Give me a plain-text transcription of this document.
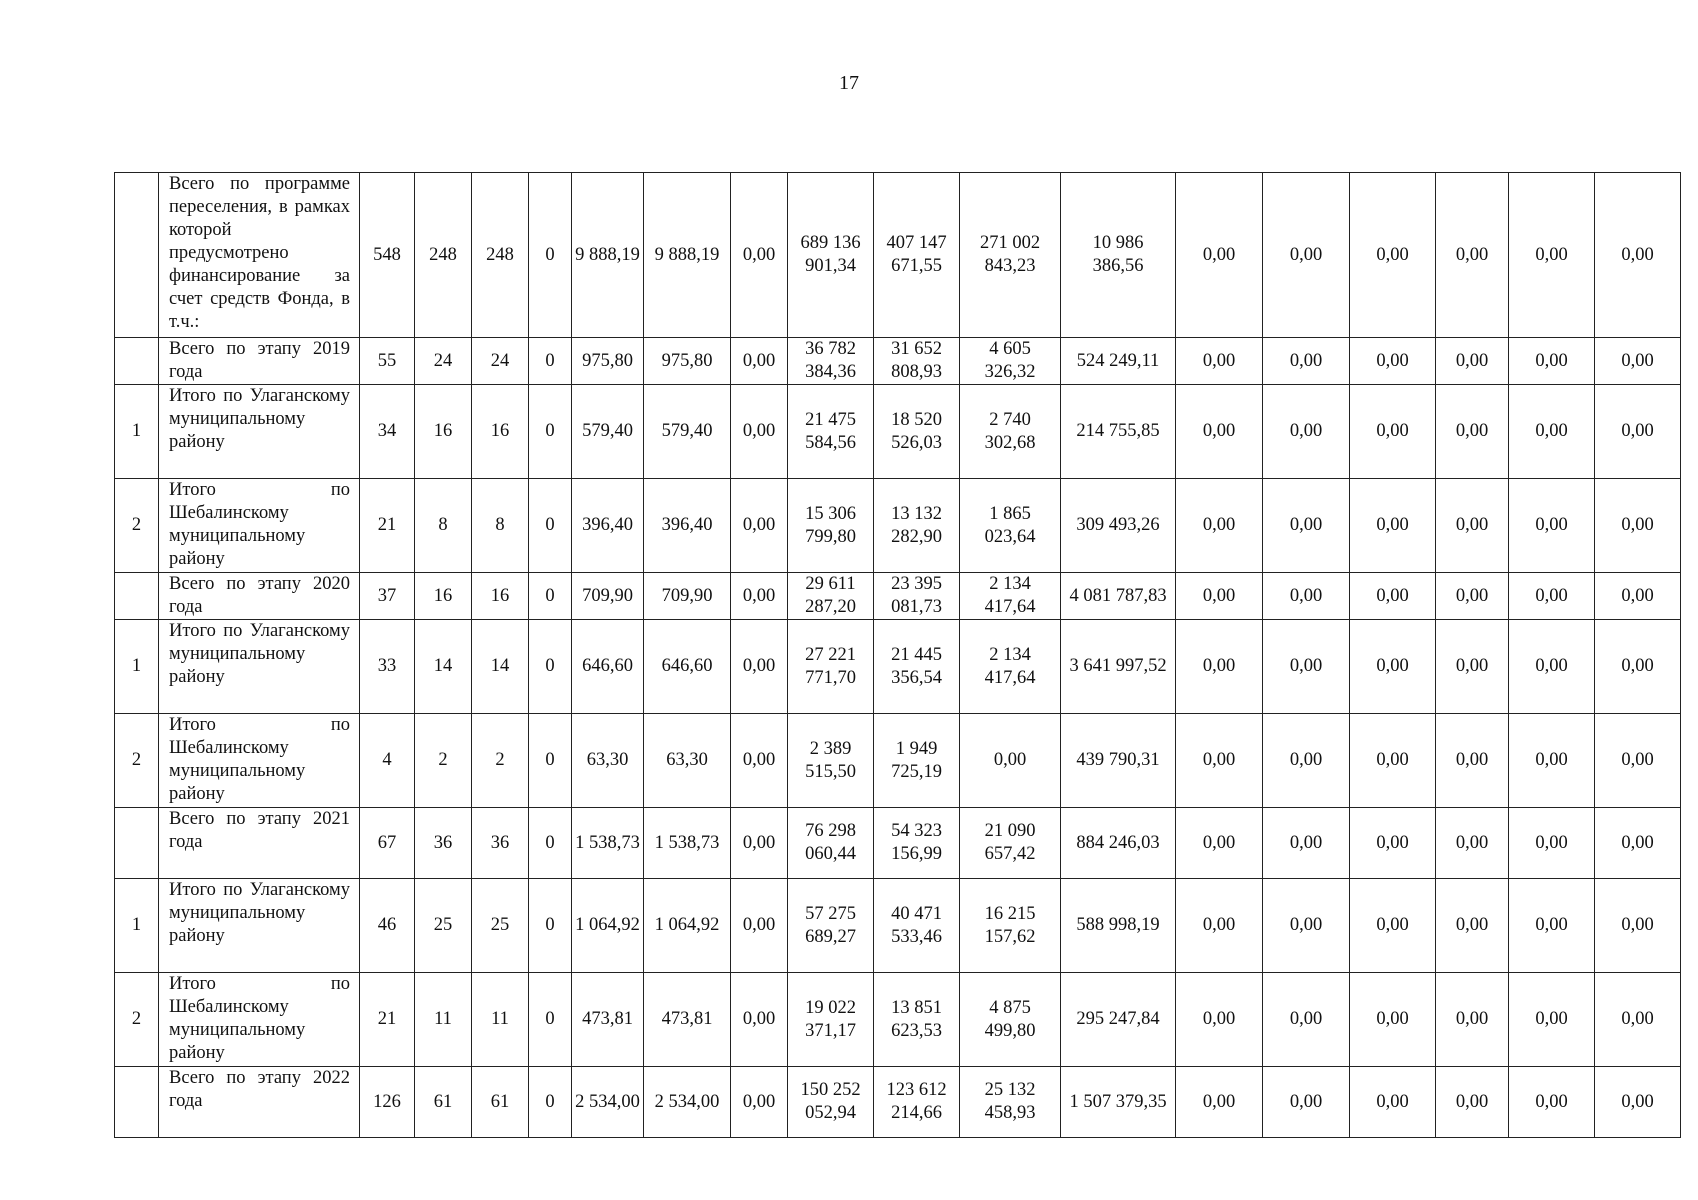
17
	Всего по программе переселения, в рамках которой предусмотрено финансирование за счет средств Фонда, в т.ч.:	548	248	248	0	9 888,19	9 888,19	0,00	689 136 901,34	407 147 671,55	271 002 843,23	10 986 386,56	0,00	0,00	0,00	0,00	0,00	0,00
	Всего по этапу 2019 года	55	24	24	0	975,80	975,80	0,00	36 782 384,36	31 652 808,93	4 605 326,32	524 249,11	0,00	0,00	0,00	0,00	0,00	0,00
1	Итого по Улаганскому муниципальному району	34	16	16	0	579,40	579,40	0,00	21 475 584,56	18 520 526,03	2 740 302,68	214 755,85	0,00	0,00	0,00	0,00	0,00	0,00
2	Итого по Шебалинскому муниципальному району	21	8	8	0	396,40	396,40	0,00	15 306 799,80	13 132 282,90	1 865 023,64	309 493,26	0,00	0,00	0,00	0,00	0,00	0,00
	Всего по этапу 2020 года	37	16	16	0	709,90	709,90	0,00	29 611 287,20	23 395 081,73	2 134 417,64	4 081 787,83	0,00	0,00	0,00	0,00	0,00	0,00
1	Итого по Улаганскому муниципальному району	33	14	14	0	646,60	646,60	0,00	27 221 771,70	21 445 356,54	2 134 417,64	3 641 997,52	0,00	0,00	0,00	0,00	0,00	0,00
2	Итого по Шебалинскому муниципальному району	4	2	2	0	63,30	63,30	0,00	2 389 515,50	1 949 725,19	0,00	439 790,31	0,00	0,00	0,00	0,00	0,00	0,00
	Всего по этапу 2021 года	67	36	36	0	1 538,73	1 538,73	0,00	76 298 060,44	54 323 156,99	21 090 657,42	884 246,03	0,00	0,00	0,00	0,00	0,00	0,00
1	Итого по Улаганскому муниципальному району	46	25	25	0	1 064,92	1 064,92	0,00	57 275 689,27	40 471 533,46	16 215 157,62	588 998,19	0,00	0,00	0,00	0,00	0,00	0,00
2	Итого по Шебалинскому муниципальному району	21	11	11	0	473,81	473,81	0,00	19 022 371,17	13 851 623,53	4 875 499,80	295 247,84	0,00	0,00	0,00	0,00	0,00	0,00
	Всего по этапу 2022 года	126	61	61	0	2 534,00	2 534,00	0,00	150 252 052,94	123 612 214,66	25 132 458,93	1 507 379,35	0,00	0,00	0,00	0,00	0,00	0,00
